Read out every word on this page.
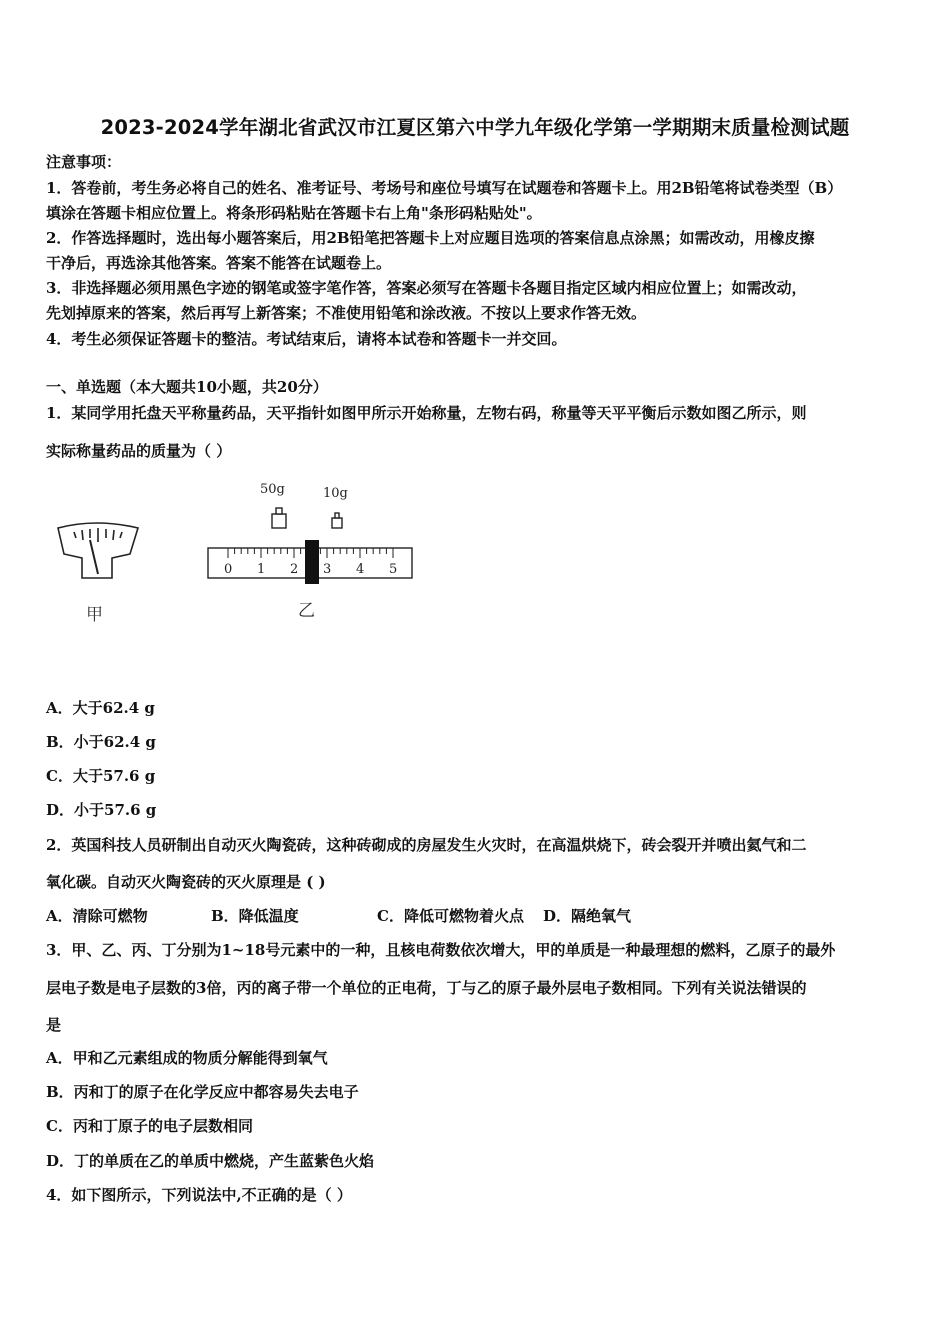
2023-2024学年湖北省武汉市江夏区第六中学九年级化学第一学期期末质量检测试题
注意事项：
1．答卷前，考生务必将自己的姓名、准考证号、考场号和座位号填写在试题卷和答题卡上。用2B铅笔将试卷类型（B）
填涂在答题卡相应位置上。将条形码粘贴在答题卡右上角"条形码粘贴处"。
2．作答选择题时，选出每小题答案后，用2B铅笔把答题卡上对应题目选项的答案信息点涂黑；如需改动，用橡皮擦
干净后，再选涂其他答案。答案不能答在试题卷上。
3．非选择题必须用黑色字迹的钢笔或签字笔作答，答案必须写在答题卡各题目指定区域内相应位置上；如需改动，
先划掉原来的答案，然后再写上新答案；不准使用铅笔和涂改液。不按以上要求作答无效。
4．考生必须保证答题卡的整洁。考试结束后，请将本试卷和答题卡一并交回。
一、单选题（本大题共10小题，共20分）
1．某同学用托盘天平称量药品，天平指针如图甲所示开始称量，左物右码，称量等天平平衡后示数如图乙所示，则
实际称量药品的质量为（ ）
0 1 2 3 4 5
50g	10g
甲	乙
A．大于62.4 g
B．小于62.4 g
C．大于57.6 g
D．小于57.6 g
2．英国科技人员研制出自动灭火陶瓷砖，这种砖砌成的房屋发生火灾时，在高温烘烧下，砖会裂开并喷出氦气和二
氧化碳。自动灭火陶瓷砖的灭火原理是 ( )
A．清除可燃物	B．降低温度	C．降低可燃物着火点 D．隔绝氧气
3．甲、乙、丙、丁分别为1~18号元素中的一种，且核电荷数依次增大，甲的单质是一种最理想的燃料，乙原子的最外
层电子数是电子层数的3倍，丙的离子带一个单位的正电荷，丁与乙的原子最外层电子数相同。下列有关说法错误的
是
A．甲和乙元素组成的物质分解能得到氧气
B．丙和丁的原子在化学反应中都容易失去电子
C．丙和丁原子的电子层数相同
D．丁的单质在乙的单质中燃烧，产生蓝紫色火焰
4．如下图所示，下列说法中,不正确的是（ ）
